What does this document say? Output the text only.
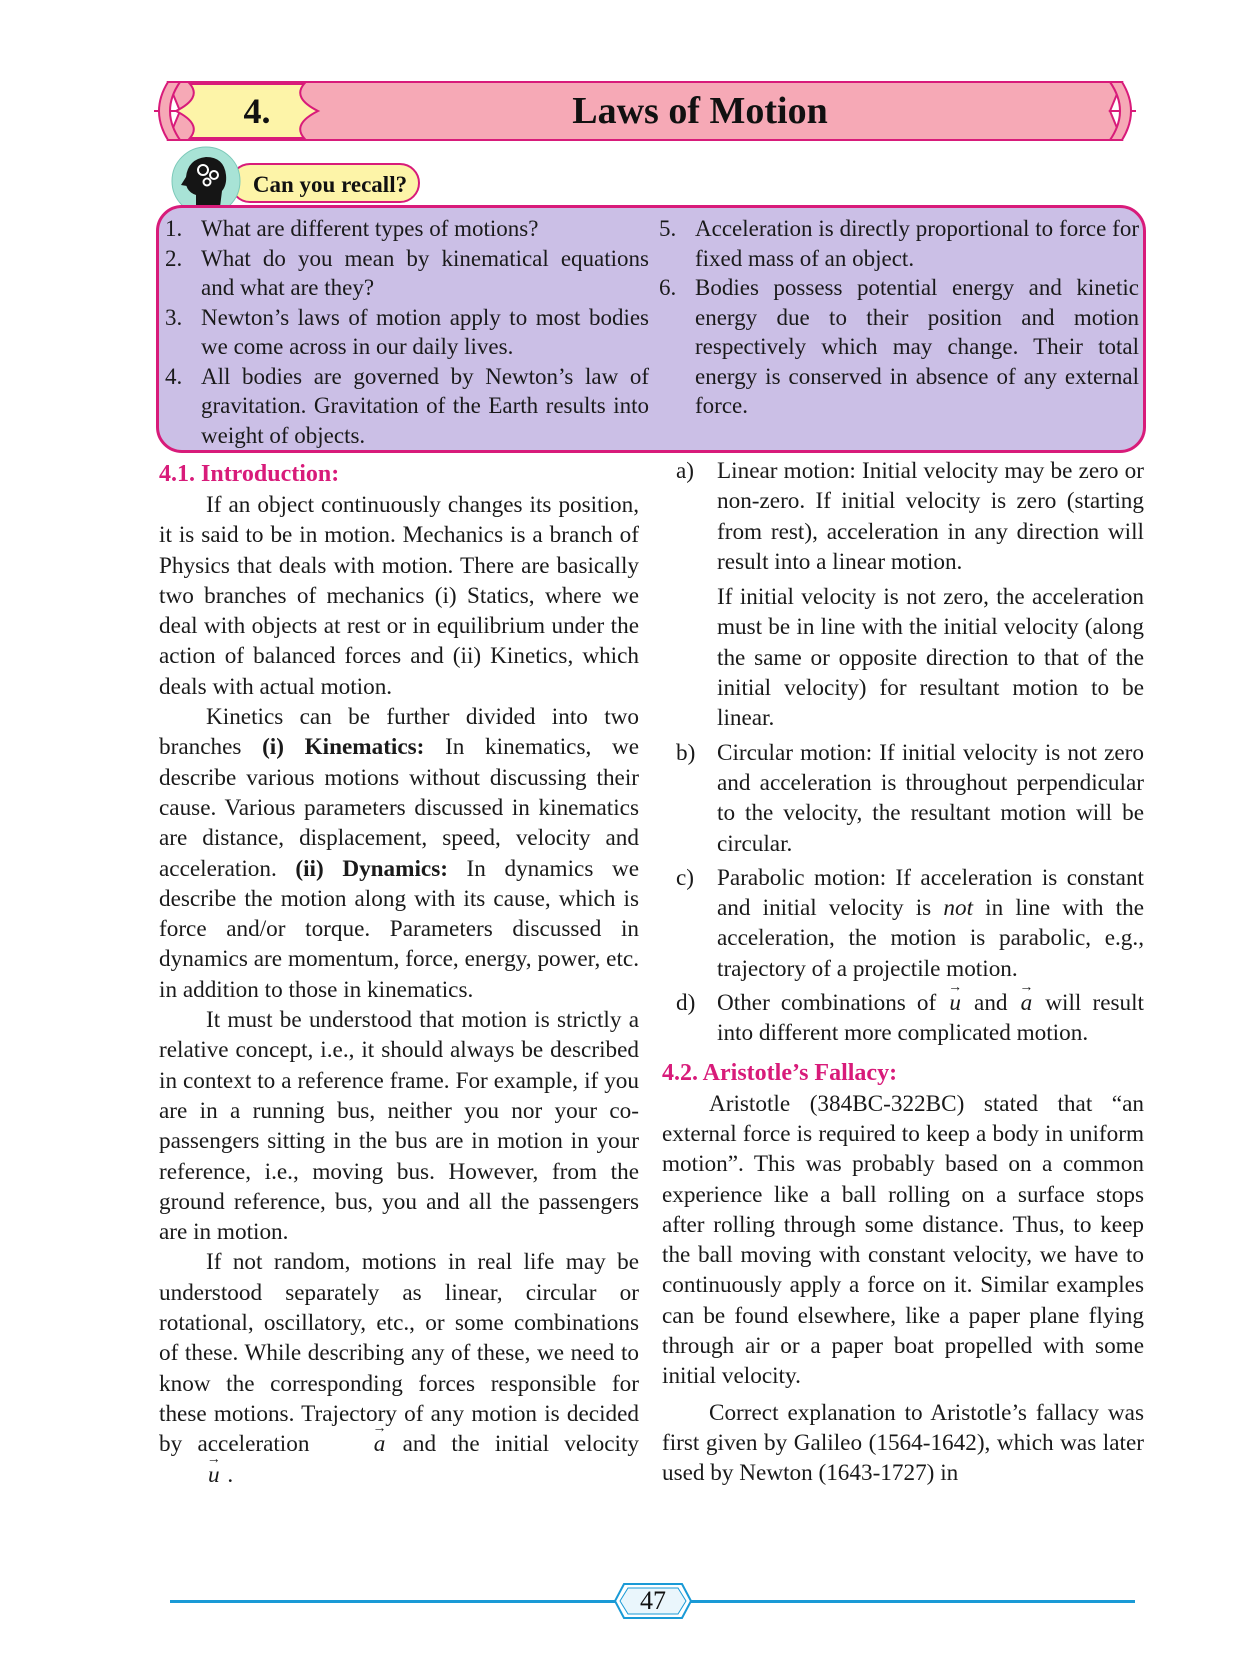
4.	Laws of Motion
Can you recall?
1. What are different types of motions?
2. What do you mean by kinematical equations and what are they?
3. Newton’s laws of motion apply to most bodies we come across in our daily lives.
4. All bodies are governed by Newton’s law of gravitation. Gravitation of the Earth results into weight of objects.
5. Acceleration is directly proportional to force for fixed mass of an object.
6. Bodies possess potential energy and kinetic energy due to their position and motion respectively which may change. Their total energy is conserved in absence of any external force.
4.1. Introduction:

If an object continuously changes its position, it is said to be in motion. Mechanics is a branch of Physics that deals with motion. There are basically two branches of mechanics (i) Statics, where we deal with objects at rest or in equilibrium under the action of balanced forces and (ii) Kinetics, which deals with actual motion.

Kinetics can be further divided into two branches (i) Kinematics: In kinematics, we describe various motions without discussing their cause. Various parameters discussed in kinematics are distance, displacement, speed, velocity and acceleration. (ii) Dynamics: In dynamics we describe the motion along with its cause, which is force and/or torque. Parameters discussed in dynamics are momentum, force, energy, power, etc. in addition to those in kinematics.

It must be understood that motion is strictly a relative concept, i.e., it should always be described in context to a reference frame. For example, if you are in a running bus, neither you nor your co-passengers sitting in the bus are in motion in your reference, i.e., moving bus. However, from the ground reference, bus, you and all the passengers are in motion.

If not random, motions in real life may be understood separately as linear, circular or rotational, oscillatory, etc., or some combinations of these. While describing any of these, we need to know the corresponding forces responsible for these motions. Trajectory of any motion is decided by acceleration → a and the initial velocity → u .

a) Linear motion: Initial velocity may be zero or non-zero. If initial velocity is zero (starting from rest), acceleration in any direction will result into a linear motion.
If initial velocity is not zero, the acceleration must be in line with the initial velocity (along the same or opposite direction to that of the initial velocity) for resultant motion to be linear.
b) Circular motion: If initial velocity is not zero and acceleration is throughout perpendicular to the velocity, the resultant motion will be circular.
c) Parabolic motion: If acceleration is constant and initial velocity is not in line with the acceleration, the motion is parabolic, e.g., trajectory of a projectile motion.
d) Other combinations of → u and → a will result into different more complicated motion.
4.2. Aristotle’s Fallacy:

Aristotle (384BC-322BC) stated that “an external force is required to keep a body in uniform motion”. This was probably based on a common experience like a ball rolling on a surface stops after rolling through some distance. Thus, to keep the ball moving with constant velocity, we have to continuously apply a force on it. Similar examples can be found elsewhere, like a paper plane flying through air or a paper boat propelled with some initial velocity.

Correct explanation to Aristotle’s fallacy was first given by Galileo (1564-1642), which was later used by Newton (1643-1727) in

47
